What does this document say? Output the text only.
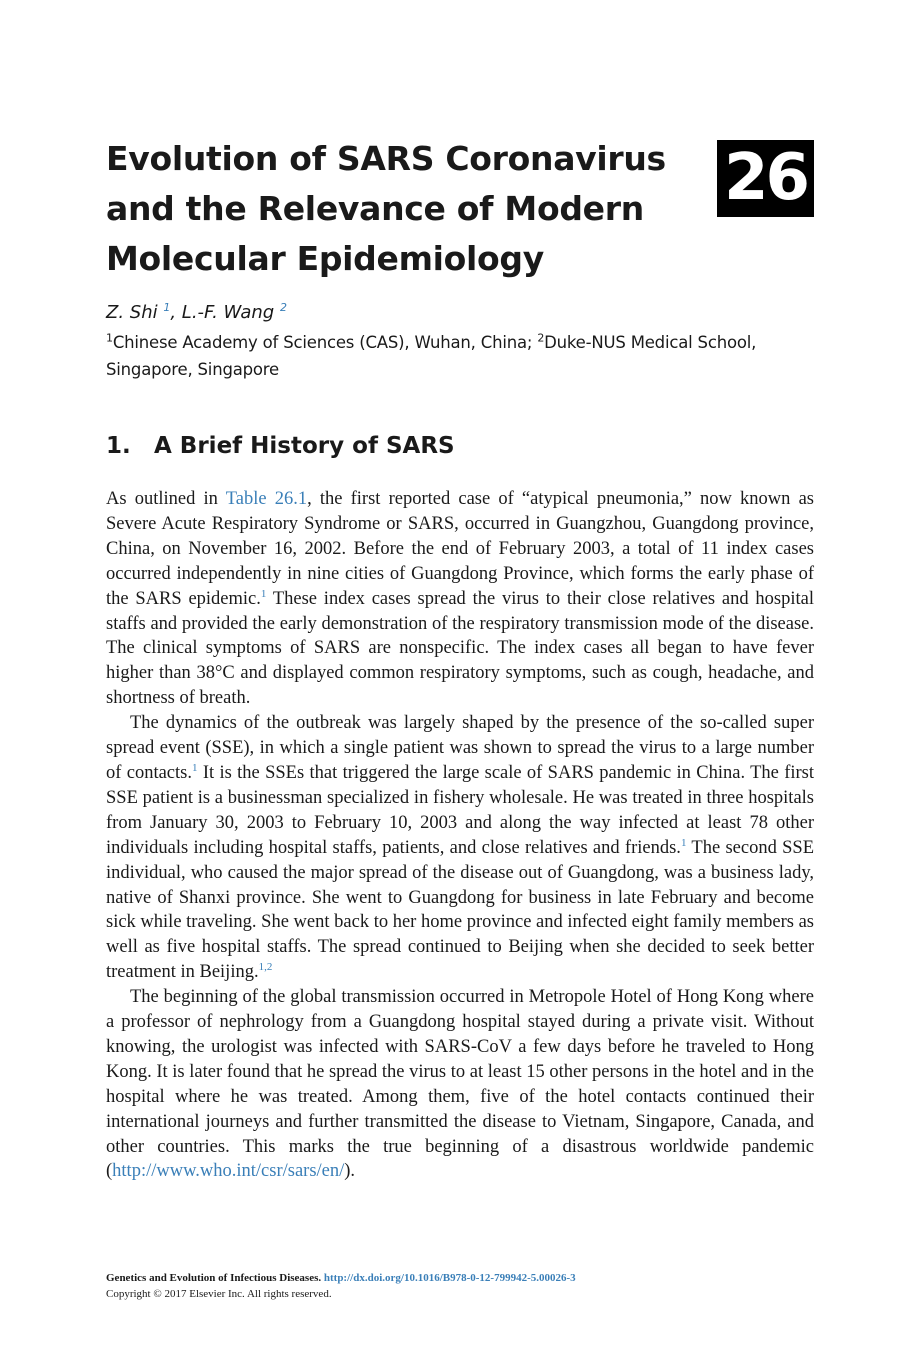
Evolution of SARS Coronavirus
and the Relevance of Modern
Molecular Epidemiology
26
Z. Shi $^1$, L.-F. Wang $^2$
$^1$Chinese Academy of Sciences (CAS), Wuhan, China; $^2$Duke-NUS Medical School,
Singapore, Singapore
1. A Brief History of SARS

As outlined in Table 26.1, the first reported case of “atypical pneumonia,” now known as Severe Acute Respiratory Syndrome or SARS, occurred in Guangzhou, Guangdong province, China, on November 16, 2002. Before the end of February 2003, a total of 11 index cases occurred independently in nine cities of Guangdong Province, which forms the early phase of the SARS epidemic.$^1$ These index cases spread the virus to their close relatives and hospital staffs and provided the early demonstration of the respiratory transmission mode of the disease. The clinical symptoms of SARS are nonspecific. The index cases all began to have fever higher than 38°C and displayed common respiratory symptoms, such as cough, headache, and shortness of breath.

The dynamics of the outbreak was largely shaped by the presence of the so-called super spread event (SSE), in which a single patient was shown to spread the virus to a large number of contacts.$^1$ It is the SSEs that triggered the large scale of SARS pandemic in China. The first SSE patient is a businessman specialized in fishery wholesale. He was treated in three hospitals from January 30, 2003 to February 10, 2003 and along the way infected at least 78 other individuals including hospital staffs, patients, and close relatives and friends.$^1$ The second SSE individual, who caused the major spread of the disease out of Guangdong, was a business lady, native of Shanxi province. She went to Guangdong for business in late February and become sick while traveling. She went back to her home province and infected eight family members as well as five hospital staffs. The spread continued to Beijing when she decided to seek better treatment in Beijing.$^{1,2}$

The beginning of the global transmission occurred in Metropole Hotel of Hong Kong where a professor of nephrology from a Guangdong hospital stayed during a private visit. Without knowing, the urologist was infected with SARS-CoV a few days before he traveled to Hong Kong. It is later found that he spread the virus to at least 15 other persons in the hotel and in the hospital where he was treated. Among them, five of the hotel contacts continued their international journeys and further transmitted the disease to Vietnam, Singapore, Canada, and other countries. This marks the true beginning of a disastrous worldwide pandemic (http://www.who.int/csr/sars/en/).

Genetics and Evolution of Infectious Diseases. http://dx.doi.org/10.1016/B978-0-12-799942-5.00026-3
Copyright © 2017 Elsevier Inc. All rights reserved.
